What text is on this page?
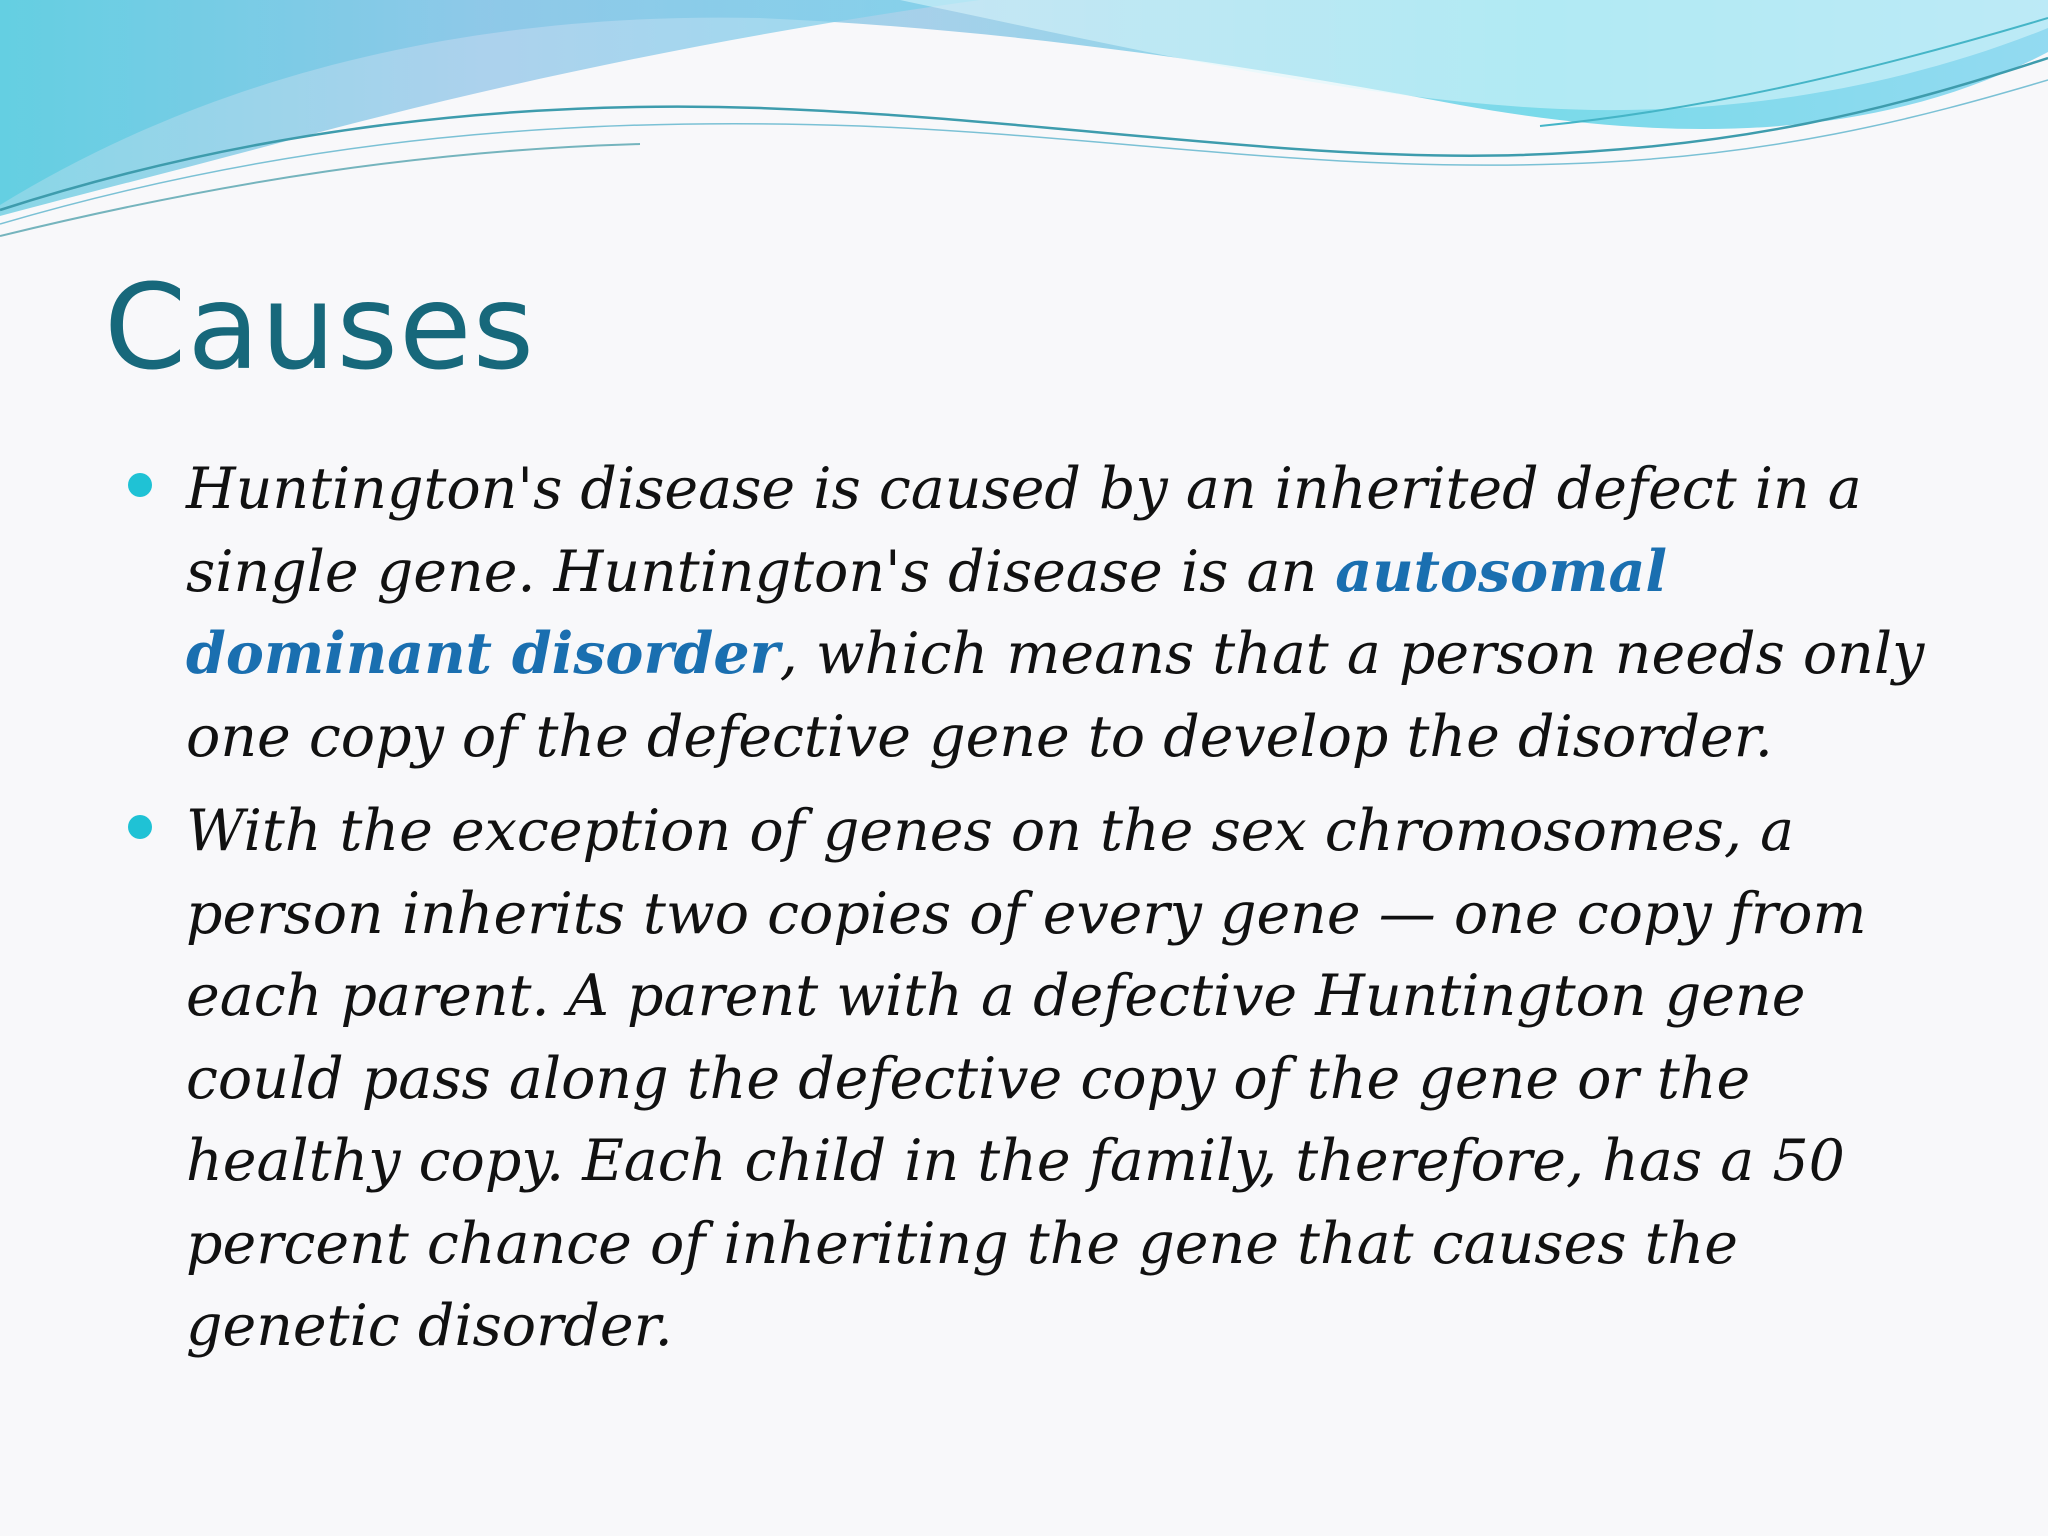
Causes
Huntington's disease is caused by an inherited defect in a single gene. Huntington's disease is an autosomal dominant disorder, which means that a person needs only one copy of the defective gene to develop the disorder.
With the exception of genes on the sex chromosomes, a person inherits two copies of every gene — one copy from each parent. A parent with a defective Huntington gene could pass along the defective copy of the gene or the healthy copy. Each child in the family, therefore, has a 50 percent chance of inheriting the gene that causes the genetic disorder.
